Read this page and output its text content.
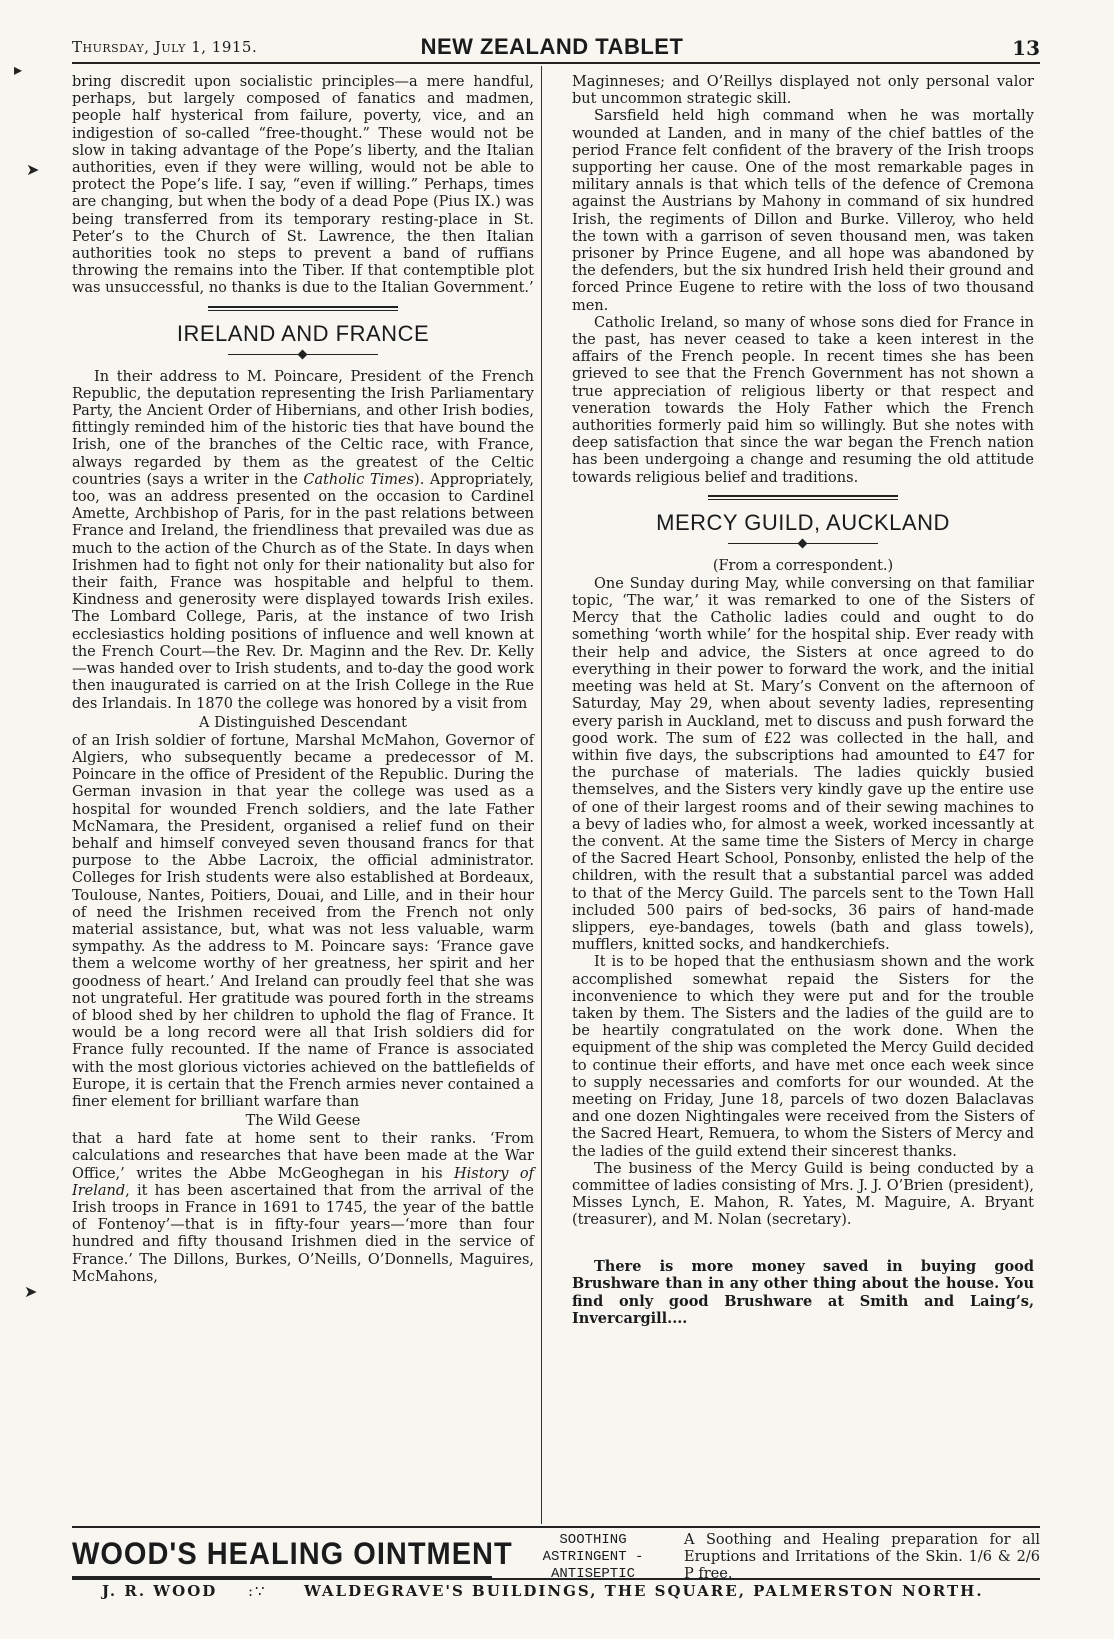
Thursday, July 1, 1915.	NEW ZEALAND TABLET	13
▸
➤
➤

bring discredit upon socialistic principles—a mere handful, perhaps, but largely composed of fanatics and madmen, people half hysterical from failure, poverty, vice, and an indigestion of so-called “free-thought.” These would not be slow in taking advantage of the Pope’s liberty, and the Italian authorities, even if they were willing, would not be able to protect the Pope’s life. I say, “even if willing.” Perhaps, times are changing, but when the body of a dead Pope (Pius IX.) was being transferred from its temporary resting-place in St. Peter’s to the Church of St. Lawrence, the then Italian authorities took no steps to prevent a band of ruffians throwing the remains into the Tiber. If that contemptible plot was unsuccessful, no thanks is due to the Italian Government.’

IRELAND AND FRANCE

In their address to M. Poincare, President of the French Republic, the deputation representing the Irish Parliamentary Party, the Ancient Order of Hibernians, and other Irish bodies, fittingly reminded him of the historic ties that have bound the Irish, one of the branches of the Celtic race, with France, always regarded by them as the greatest of the Celtic countries (says a writer in the Catholic Times). Appropriately, too, was an address presented on the occasion to Cardinel Amette, Archbishop of Paris, for in the past relations between France and Ireland, the friendliness that prevailed was due as much to the action of the Church as of the State. In days when Irishmen had to fight not only for their nationality but also for their faith, France was hospitable and helpful to them. Kindness and generosity were displayed towards Irish exiles. The Lombard College, Paris, at the instance of two Irish ecclesiastics holding positions of influence and well known at the French Court—the Rev. Dr. Maginn and the Rev. Dr. Kelly—was handed over to Irish students, and to-day the good work then inaugurated is carried on at the Irish College in the Rue des Irlandais. In 1870 the college was honored by a visit from

A Distinguished Descendant

of an Irish soldier of fortune, Marshal McMahon, Governor of Algiers, who subsequently became a predecessor of M. Poincare in the office of President of the Republic. During the German invasion in that year the college was used as a hospital for wounded French soldiers, and the late Father McNamara, the President, organised a relief fund on their behalf and himself conveyed seven thousand francs for that purpose to the Abbe Lacroix, the official administrator. Colleges for Irish students were also established at Bordeaux, Toulouse, Nantes, Poitiers, Douai, and Lille, and in their hour of need the Irishmen received from the French not only material assistance, but, what was not less valuable, warm sympathy. As the address to M. Poincare says: ‘France gave them a welcome worthy of her greatness, her spirit and her goodness of heart.’ And Ireland can proudly feel that she was not ungrateful. Her gratitude was poured forth in the streams of blood shed by her children to uphold the flag of France. It would be a long record were all that Irish soldiers did for France fully recounted. If the name of France is associated with the most glorious victories achieved on the battlefields of Europe, it is certain that the French armies never contained a finer element for brilliant warfare than

The Wild Geese

that a hard fate at home sent to their ranks. ‘From calculations and researches that have been made at the War Office,’ writes the Abbe McGeoghegan in his History of Ireland, it has been ascertained that from the arrival of the Irish troops in France in 1691 to 1745, the year of the battle of Fontenoy’—that is in fifty-four years—‘more than four hundred and fifty thousand Irishmen died in the service of France.’ The Dillons, Burkes, O’Neills, O’Donnells, Maguires, McMahons,

Maginneses; and O’Reillys displayed not only personal valor but uncommon strategic skill.

Sarsfield held high command when he was mortally wounded at Landen, and in many of the chief battles of the period France felt confident of the bravery of the Irish troops supporting her cause. One of the most remarkable pages in military annals is that which tells of the defence of Cremona against the Austrians by Mahony in command of six hundred Irish, the regiments of Dillon and Burke. Villeroy, who held the town with a garrison of seven thousand men, was taken prisoner by Prince Eugene, and all hope was abandoned by the defenders, but the six hundred Irish held their ground and forced Prince Eugene to retire with the loss of two thousand men.

Catholic Ireland, so many of whose sons died for France in the past, has never ceased to take a keen interest in the affairs of the French people. In recent times she has been grieved to see that the French Government has not shown a true appreciation of religious liberty or that respect and veneration towards the Holy Father which the French authorities formerly paid him so willingly. But she notes with deep satisfaction that since the war began the French nation has been undergoing a change and resuming the old attitude towards religious belief and traditions.

MERCY GUILD, AUCKLAND
(From a correspondent.)

One Sunday during May, while conversing on that familiar topic, ‘The war,’ it was remarked to one of the Sisters of Mercy that the Catholic ladies could and ought to do something ‘worth while’ for the hospital ship. Ever ready with their help and advice, the Sisters at once agreed to do everything in their power to forward the work, and the initial meeting was held at St. Mary’s Convent on the afternoon of Saturday, May 29, when about seventy ladies, representing every parish in Auckland, met to discuss and push forward the good work. The sum of £22 was collected in the hall, and within five days, the subscriptions had amounted to £47 for the purchase of materials. The ladies quickly busied themselves, and the Sisters very kindly gave up the entire use of one of their largest rooms and of their sewing machines to a bevy of ladies who, for almost a week, worked incessantly at the convent. At the same time the Sisters of Mercy in charge of the Sacred Heart School, Ponsonby, enlisted the help of the children, with the result that a substantial parcel was added to that of the Mercy Guild. The parcels sent to the Town Hall included 500 pairs of bed-socks, 36 pairs of hand-made slippers, eye-bandages, towels (bath and glass towels), mufflers, knitted socks, and handkerchiefs.

It is to be hoped that the enthusiasm shown and the work accomplished somewhat repaid the Sisters for the inconvenience to which they were put and for the trouble taken by them. The Sisters and the ladies of the guild are to be heartily congratulated on the work done. When the equipment of the ship was completed the Mercy Guild decided to continue their efforts, and have met once each week since to supply necessaries and comforts for our wounded. At the meeting on Friday, June 18, parcels of two dozen Balaclavas and one dozen Nightingales were received from the Sisters of the Sacred Heart, Remuera, to whom the Sisters of Mercy and the ladies of the guild extend their sincerest thanks.

The business of the Mercy Guild is being conducted by a committee of ladies consisting of Mrs. J. J. O’Brien (president), Misses Lynch, E. Mahon, R. Yates, M. Maguire, A. Bryant (treasurer), and M. Nolan (secretary).

There is more money saved in buying good Brushware than in any other thing about the house. You find only good Brushware at Smith and Laing’s, Invercargill....

WOOD'S HEALING OINTMENT	SOOTHING
ASTRINGENT -
ANTISEPTIC
A Soothing and Healing preparation for all Eruptions and Irritations of the Skin. 1/6 & 2/6 P free.
J. R. WOOD :∵ WALDEGRAVE'S BUILDINGS, THE SQUARE, PALMERSTON NORTH.
